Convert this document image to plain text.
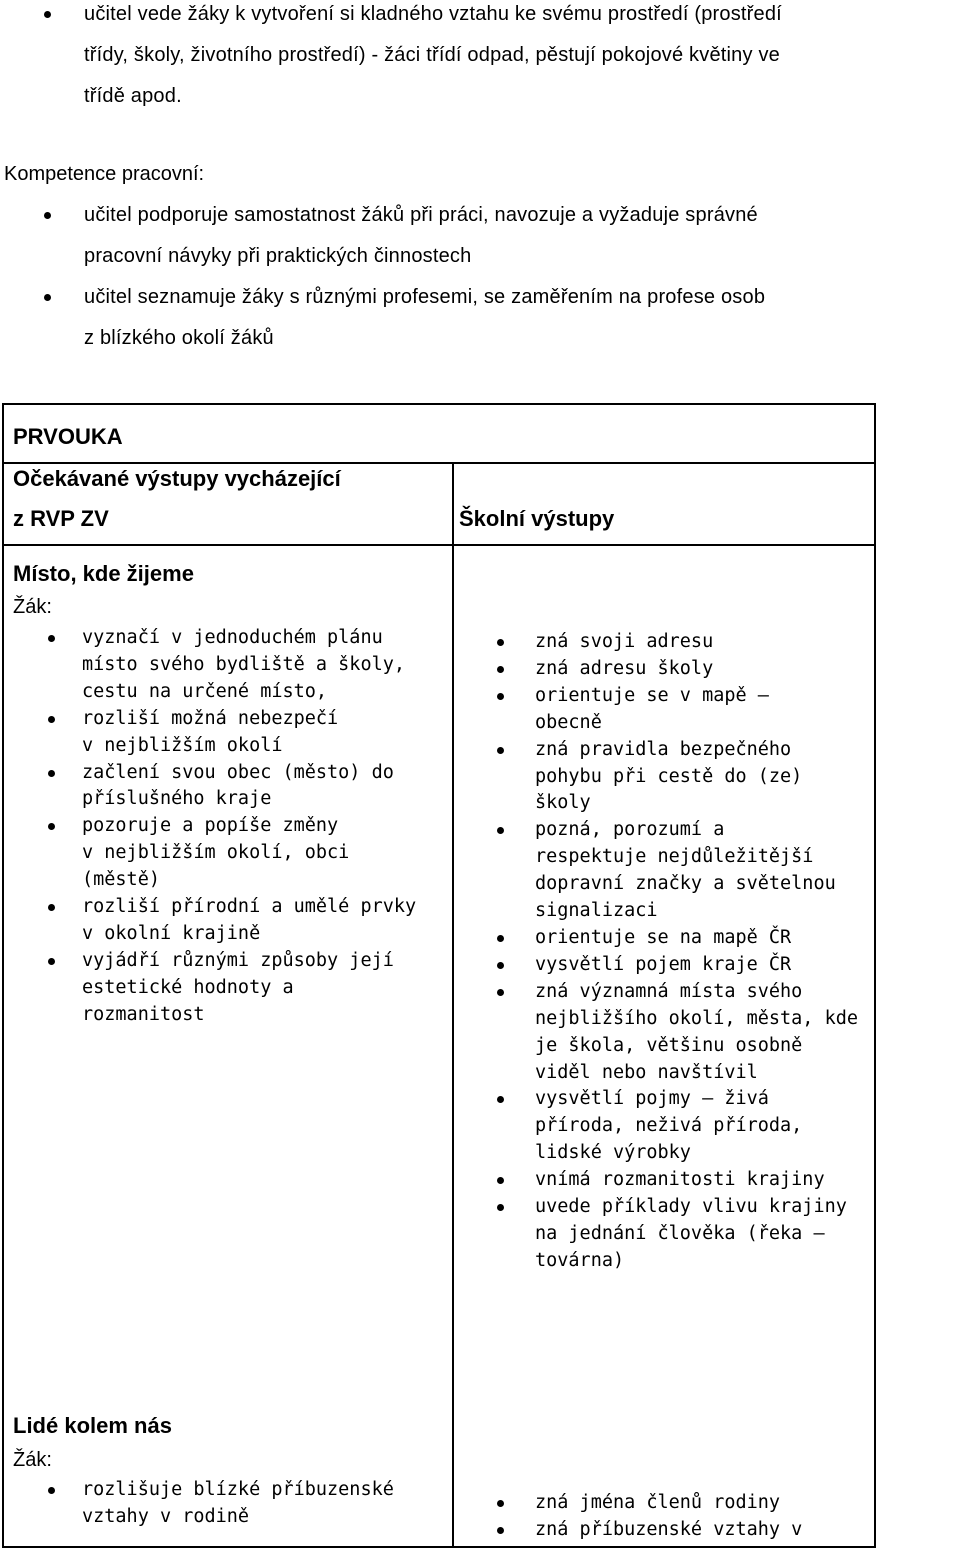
učitel vede žáky k vytvoření si kladného vztahu ke svému prostředí (prostředí
třídy, školy, životního prostředí) - žáci třídí odpad, pěstují pokojové květiny ve
třídě apod.
Kompetence pracovní:
učitel podporuje samostatnost žáků při práci, navozuje a vyžaduje správné
pracovní návyky při praktických činnostech
učitel seznamuje žáky s různými profesemi, se zaměřením na profese osob
z blízkého okolí žáků
PRVOUKA
Očekávané výstupy vycházející
z RVP ZV	Školní výstupy
Místo, kde žijeme
Žák:
vyznačí v jednoduchém plánu
místo svého bydliště a školy,
cestu na určené místo,
rozliší možná nebezpečí
v nejbližším okolí
začlení svou obec (město) do
příslušného kraje
pozoruje a popíše změny
v nejbližším okolí, obci
(městě)
rozliší přírodní a umělé prvky
v okolní krajině
vyjádří různými způsoby její
estetické hodnoty a
rozmanitost
zná svoji adresu
zná adresu školy
orientuje se v mapě –
obecně
zná pravidla bezpečného
pohybu při cestě do (ze)
školy
pozná, porozumí a
respektuje nejdůležitější
dopravní značky a světelnou
signalizaci
orientuje se na mapě ČR
vysvětlí pojem kraje ČR
zná významná místa svého
nejbližšího okolí, města, kde
je škola, většinu osobně
viděl nebo navštívil
vysvětlí pojmy – živá
příroda, neživá příroda,
lidské výrobky
vnímá rozmanitosti krajiny
uvede příklady vlivu krajiny
na jednání člověka (řeka –
továrna)
Lidé kolem nás
Žák:
rozlišuje blízké příbuzenské
vztahy v rodině
zná jména členů rodiny
zná příbuzenské vztahy v
